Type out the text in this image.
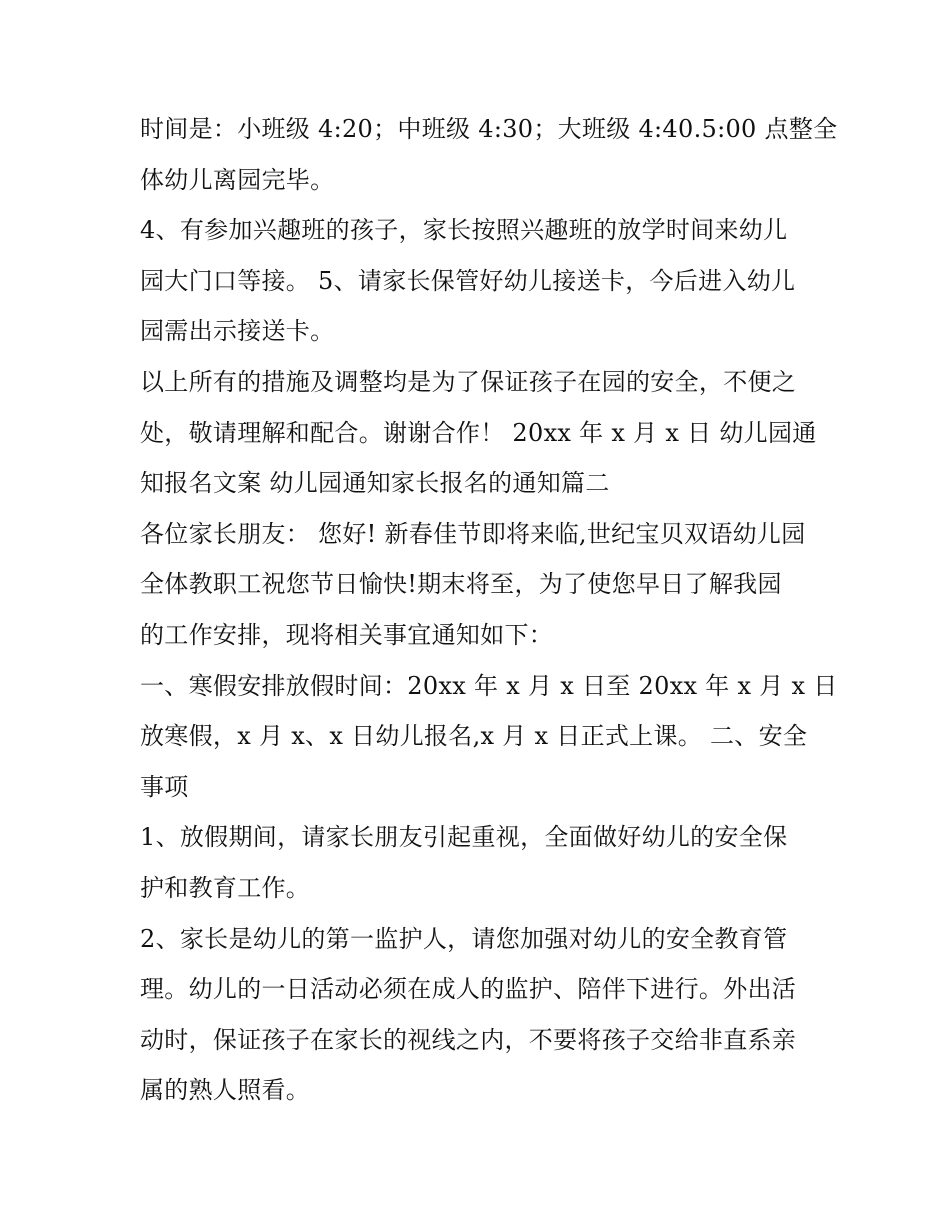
时间是：小班级 4:20；中班级 4:30；大班级 4:40.5:00 点整全
体幼儿离园完毕。
4、有参加兴趣班的孩子，家长按照兴趣班的放学时间来幼儿
园大门口等接。 5、请家长保管好幼儿接送卡，今后进入幼儿
园需出示接送卡。
以上所有的措施及调整均是为了保证孩子在园的安全，不便之
处，敬请理解和配合。谢谢合作！ 20xx 年 x 月 x 日 幼儿园通
知报名文案 幼儿园通知家长报名的通知篇二
各位家长朋友： 您好! 新春佳节即将来临,世纪宝贝双语幼儿园
全体教职工祝您节日愉快!期末将至，为了使您早日了解我园
的工作安排，现将相关事宜通知如下：
一、寒假安排放假时间：20xx 年 x 月 x 日至 20xx 年 x 月 x 日
放寒假，x 月 x、x 日幼儿报名,x 月 x 日正式上课。 二、安全
事项
1、放假期间，请家长朋友引起重视，全面做好幼儿的安全保
护和教育工作。
2、家长是幼儿的第一监护人，请您加强对幼儿的安全教育管
理。幼儿的一日活动必须在成人的监护、陪伴下进行。外出活
动时，保证孩子在家长的视线之内，不要将孩子交给非直系亲
属的熟人照看。
